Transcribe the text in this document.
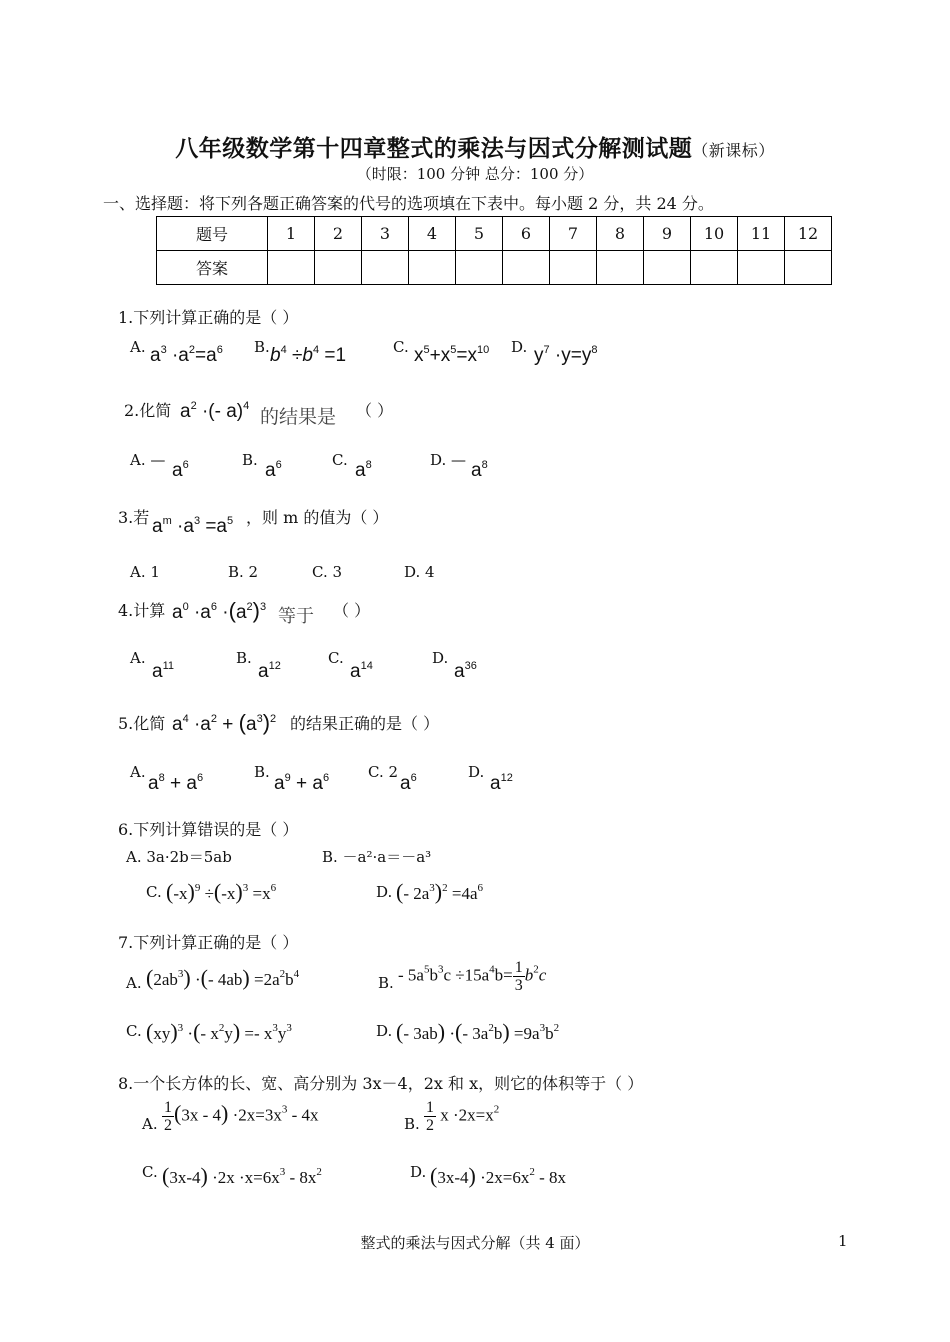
八年级数学第十四章整式的乘法与因式分解测试题（新课标）
（时限：100 分钟 总分：100 分）
一、选择题：将下列各题正确答案的代号的选项填在下表中。每小题 2 分，共 24 分。
题号	1	2	3	4	5	6	7	8	9	10	11	12
答案												
1.下列计算正确的是（ ）
A. $a^3 \cdot a^2=a^6$ B. $b^4 \div b^4 =1$	C. $x^5+x^5=x^{10}$ D. $y^7 \cdot y=y^8$
2.化简 $a^2$ ·(- a)$^4$ 的结果是 （ ）
A. — $a^6$	B. $a^6$	C. $a^8$	D. — $a^8$
3.若 $a^m \cdot a^3 =a^5$ ，则 m 的值为（ ）
A. 1	B. 2	C. 3	D. 4
4.计算 $a^0 \cdot a^6 \cdot(a^2)^3$ 等于 （ ）
A.
$a^{11}$	B.
$a^{12}$	C.
$a^{14}$	D.
$a^{36}$
5.化简 $a^4 \cdot a^2 + (a^3)^2$ 的结果正确的是（ ）
A.
$a^8 + a^6$	B.
$a^9 + a^6$	C. 2
$a^6$	D.
$a^{12}$
6.下列计算错误的是（ ）
A. 3a·2b＝5ab	B. －a²·a＝－a³
C. $(-x)^9 \div(-x)^3 =x^6$	D. (- $2a^3)^2 =4a^6$
7.下列计算正确的是（ ）
A. $(2ab^3)$ ·(- $4ab) =2a^2b^4$	B. - $5a^5b^3c \div 15a^4b= \frac{1}{3} b^2c$
C. (xy)$^3$ ·(- $x^2y) =- x^3y^3$	D. (- 3ab) ·(- $3a^2b) =9a^3b^2$
8.一个长方体的长、宽、高分别为 3x－4，2x 和 x，则它的体积等于（ ）
A. $\frac{1}{2} (3x - 4) \cdot 2x=3x^3 - 4x$	B. $\frac{1}{2}$ $x \cdot 2x=x^2$
C. $(3x-4) \cdot 2x \cdot x=6x^3 - 8x^2$	D. $(3x-4) \cdot 2x=6x^2 - 8x$
整式的乘法与因式分解（共 4 面）	1
